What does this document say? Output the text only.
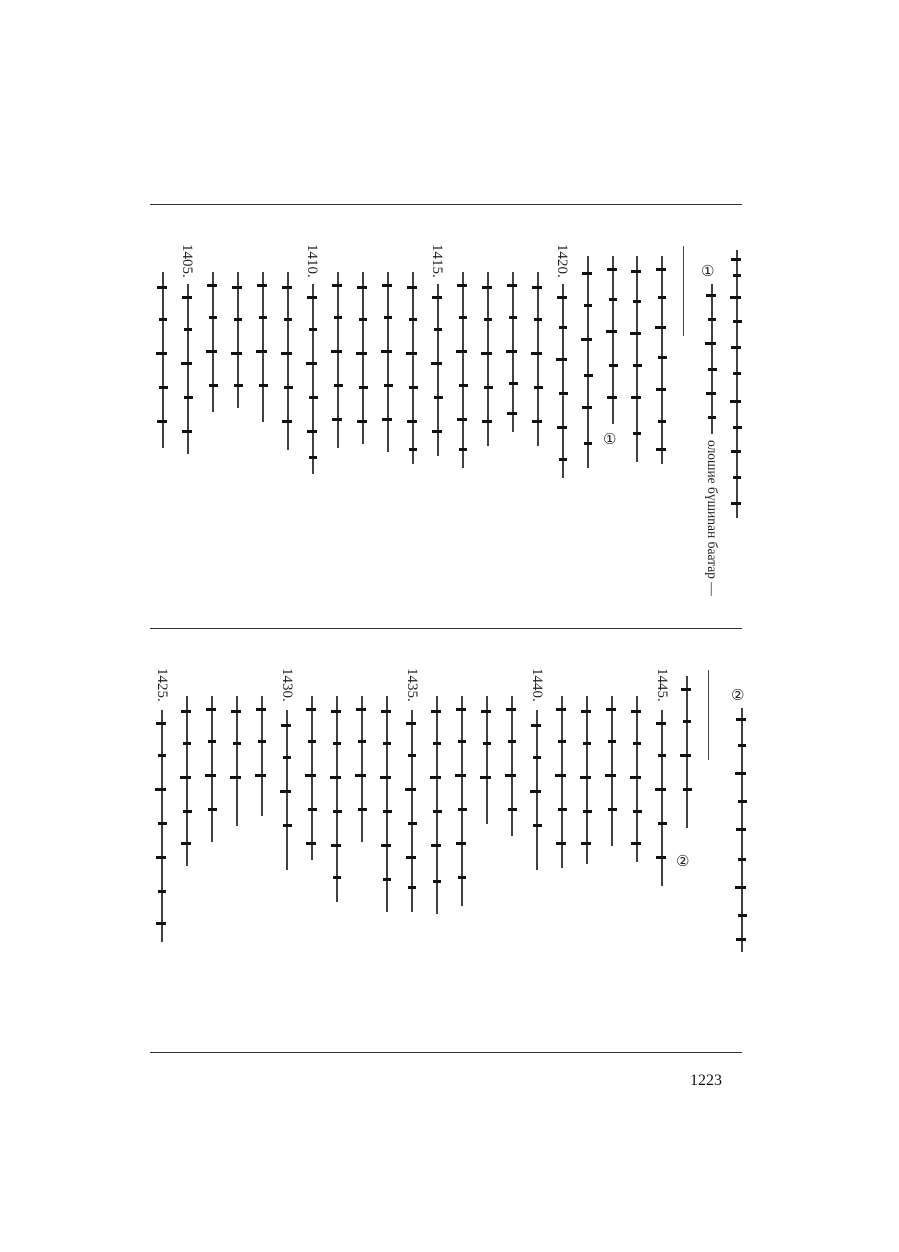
①
олошие бүшиnан баатар —
①
1420.
1415.
1410.
1405.
②
②
1445.
1440.
1435.
1430.
1425.
1223
